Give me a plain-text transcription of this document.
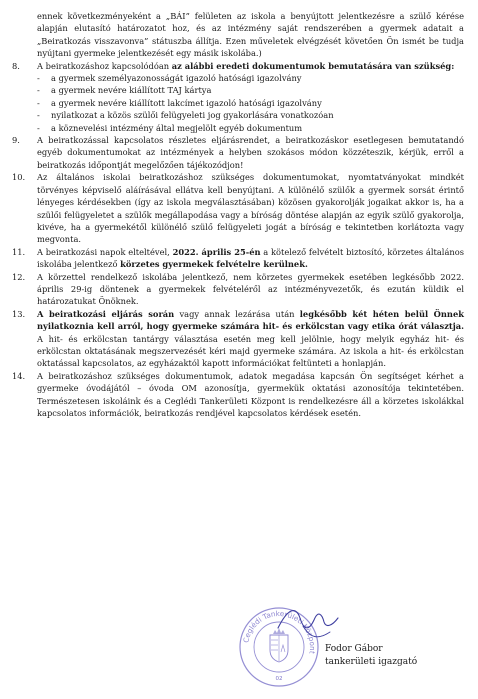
ennek következményeként a „BÁI” felületen az iskola a benyújtott jelentkezésre a szülő kérése alapján elutasító határozatot hoz, és az intézmény saját rendszerében a gyermek adatait a „Beiratkozás visszavonva” státuszba állítja. Ezen műveletek elvégzését követően Ön ismét be tudja nyújtani gyermeke jelentkezését egy másik iskolába.)

8.	A beiratkozáshoz kapcsolódóan az alábbi eredeti dokumentumok bemutatására van szükség:
- a gyermek személyazonosságát igazoló hatósági igazolvány
- a gyermek nevére kiállított TAJ kártya
- a gyermek nevére kiállított lakcímet igazoló hatósági igazolvány
- nyilatkozat a közös szülői felügyeleti jog gyakorlására vonatkozóan
- a köznevelési intézmény által megjelölt egyéb dokumentum
9.	A beiratkozással kapcsolatos részletes eljárásrendet, a beiratkozáskor esetlegesen bemutatandó egyéb dokumentumokat az intézmények a helyben szokásos módon közzéteszik, kérjük, erről a beiratkozás időpontját megelőzően tájékozódjon!
10.	Az általános iskolai beiratkozáshoz szükséges dokumentumokat, nyomtatványokat mindkét törvényes képviselő aláírásával ellátva kell benyújtani. A különélő szülők a gyermek sorsát érintő lényeges kérdésekben (így az iskola megválasztásában) közösen gyakorolják jogaikat akkor is, ha a szülői felügyeletet a szülők megállapodása vagy a bíróság döntése alapján az egyik szülő gyakorolja, kivéve, ha a gyermekétől különélő szülő felügyeleti jogát a bíróság e tekintetben korlátozta vagy megvonta.
11.	A beiratkozási napok elteltével, 2022. április 25-én a kötelező felvételt biztosító, körzetes általános iskolába jelentkező körzetes gyermekek felvételre kerülnek.
12.	A körzettel rendelkező iskolába jelentkező, nem körzetes gyermekek esetében legkésőbb 2022. április 29-ig döntenek a gyermekek felvételéről az intézményvezetők, és ezután küldik el határozatukat Önöknek.
13.	A beiratkozási eljárás során vagy annak lezárása után legkésőbb két héten belül Önnek nyilatkoznia kell arról, hogy gyermeke számára hit- és erkölcstan vagy etika órát választja. A hit- és erkölcstan tantárgy választása esetén meg kell jelölnie, hogy melyik egyház hit- és erkölcstan oktatásának megszervezését kéri majd gyermeke számára. Az iskola a hit- és erkölcstan oktatással kapcsolatos, az egyházaktól kapott információkat feltünteti a honlapján.
14.	A beiratkozáshoz szükséges dokumentumok, adatok megadása kapcsán Ön segítséget kérhet a gyermeke óvodájától – óvoda OM azonosítja, gyermekük oktatási azonosítója tekintetében. Természetesen iskoláink és a Ceglédi Tankerületi Központ is rendelkezésre áll a körzetes iskolákkal kapcsolatos információk, beiratkozás rendjével kapcsolatos kérdések esetén.
Ceglédi Tankerületi Központ
02
Fodor Gábor
tankerületi igazgató
